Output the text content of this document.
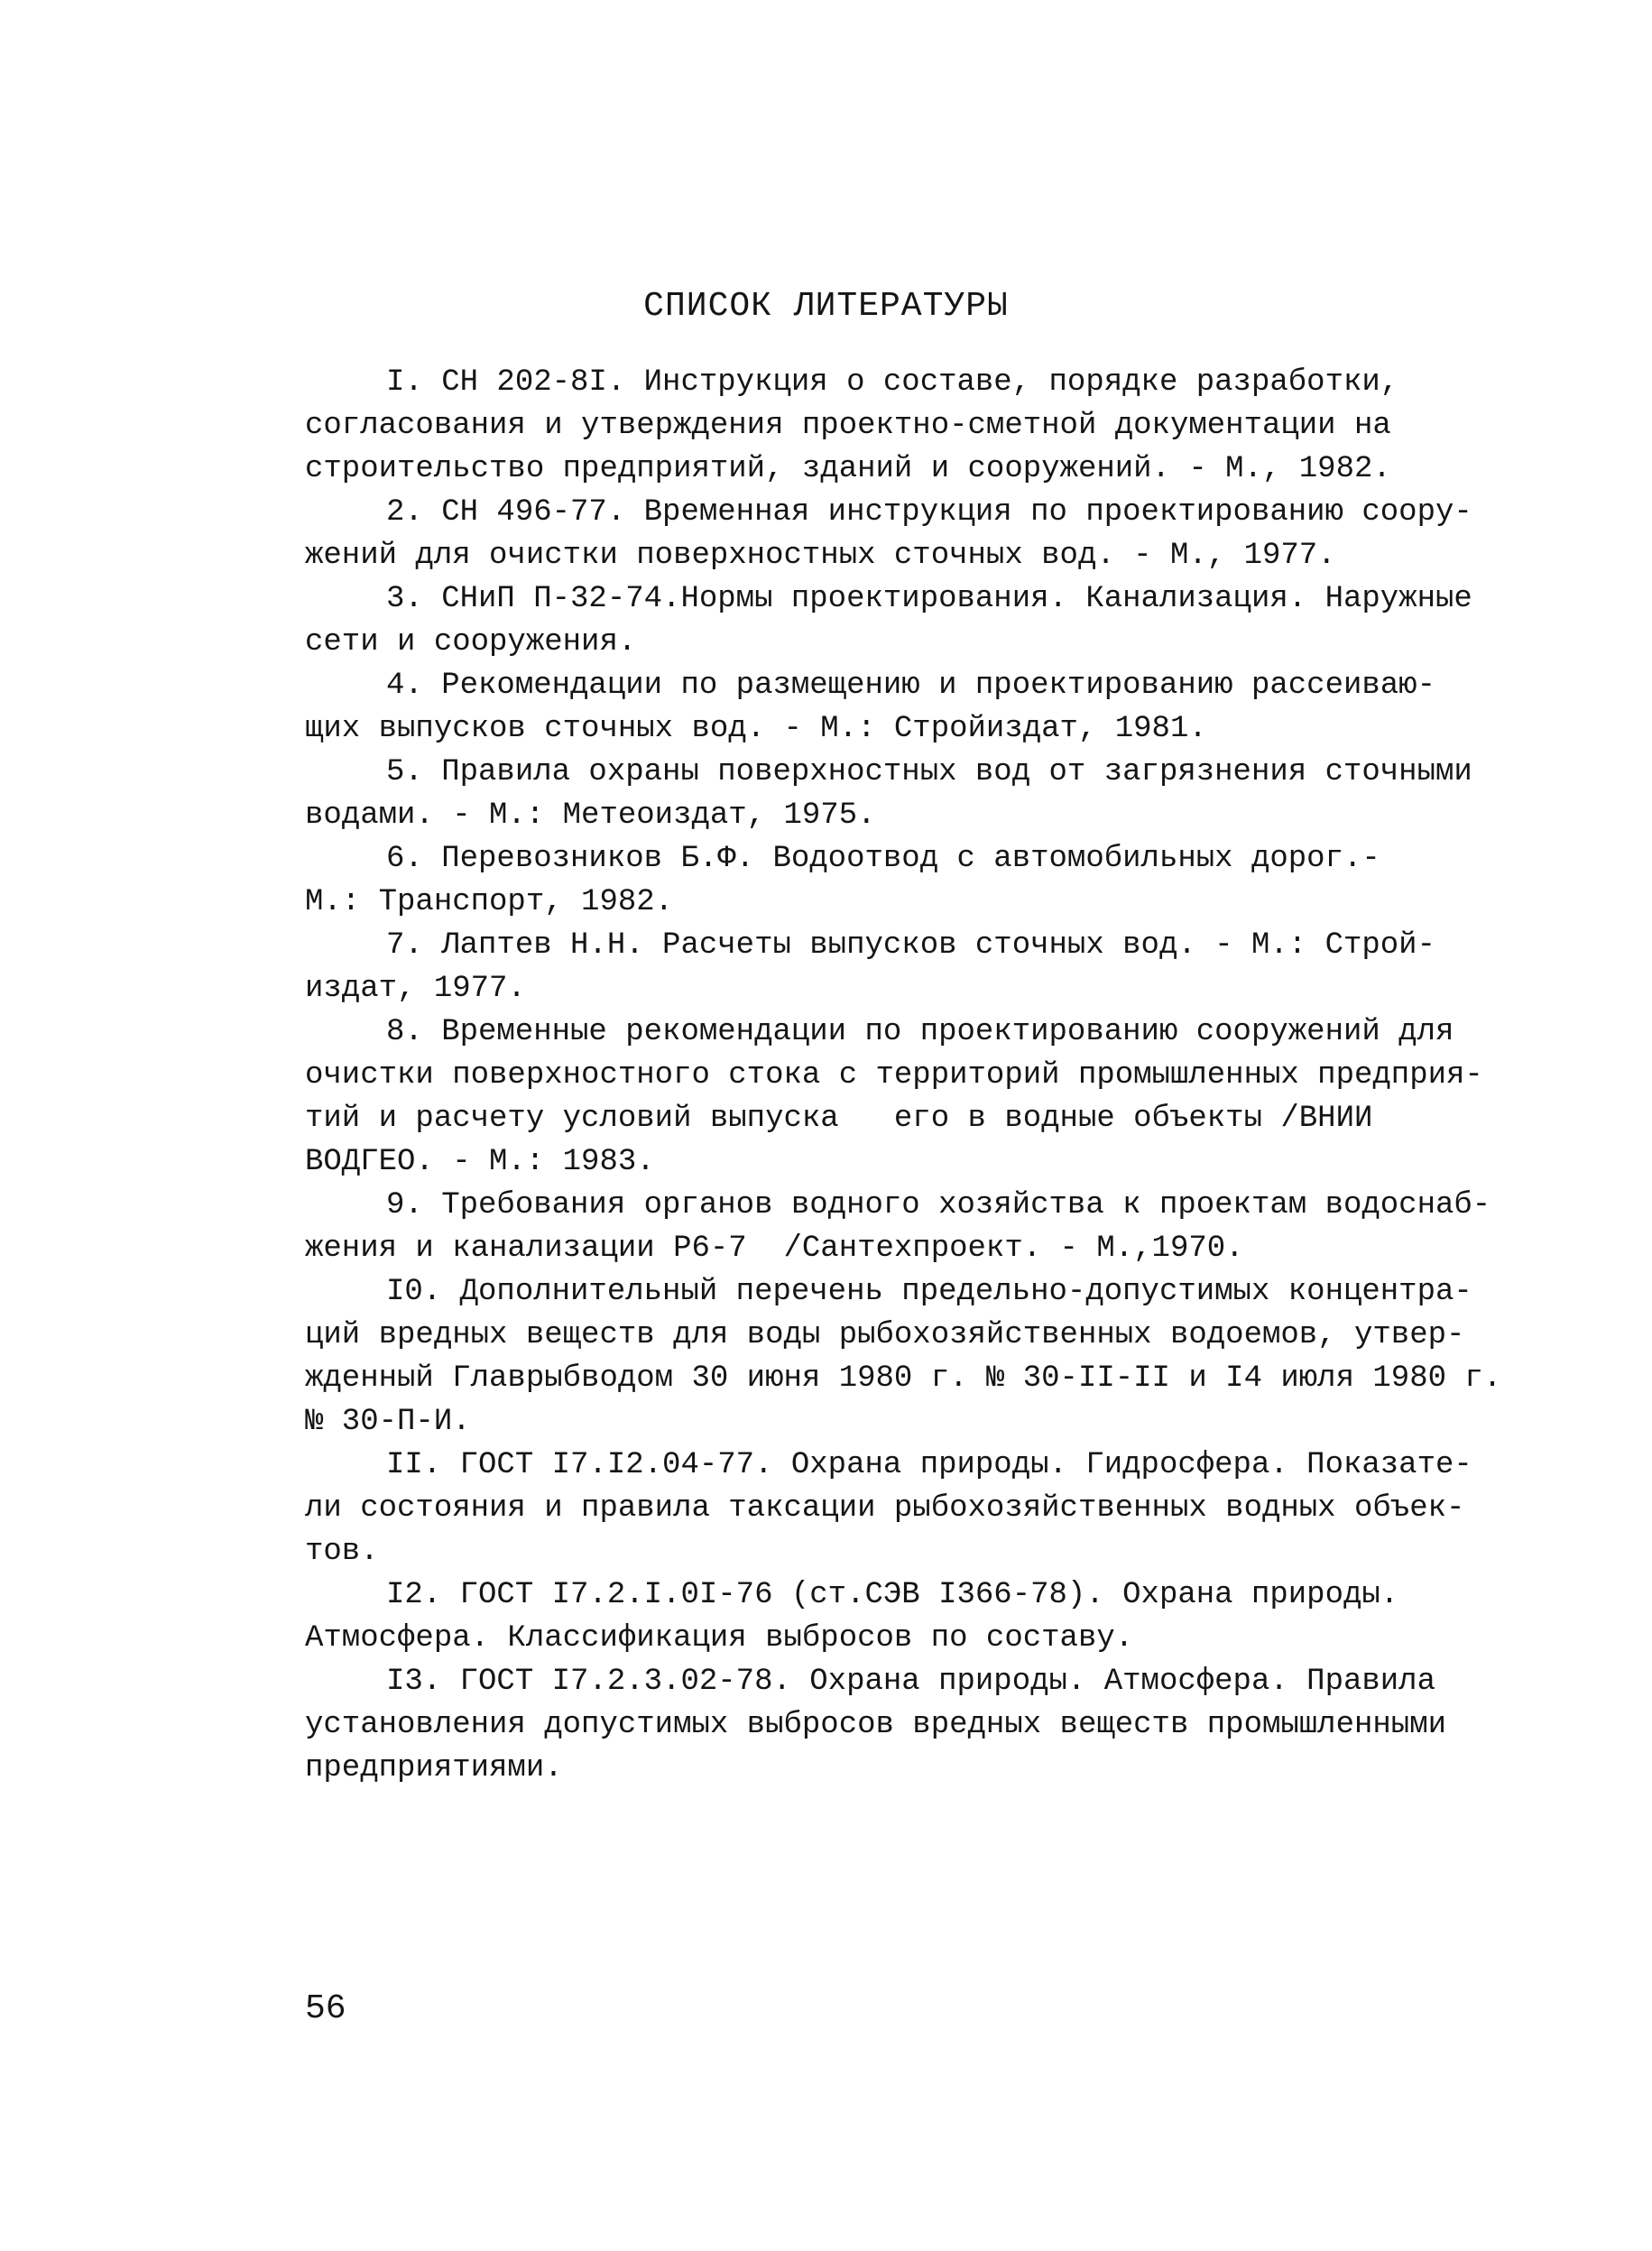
СПИСОК ЛИТЕРАТУРЫ
I. СН 202-8I. Инструкция о составе, порядке разработки,
согласования и утверждения проектно-сметной документации на
строительство предприятий, зданий и сооружений. - М., 1982.
2. СН 496-77. Временная инструкция по проектированию соору-
жений для очистки поверхностных сточных вод. - М., 1977.
3. СНиП П-32-74.Нормы проектирования. Канализация. Наружные
сети и сооружения.
4. Рекомендации по размещению и проектированию рассеиваю-
щих выпусков сточных вод. - М.: Стройиздат, 1981.
5. Правила охраны поверхностных вод от загрязнения сточными
водами. - М.: Метеоиздат, 1975.
6. Перевозников Б.Ф. Водоотвод с автомобильных дорог.-
М.: Транспорт, 1982.
7. Лаптев Н.Н. Расчеты выпусков сточных вод. - М.: Строй-
издат, 1977.
8. Временные рекомендации по проектированию сооружений для
очистки поверхностного стока с территорий промышленных предприя-
тий и расчету условий выпуска   его в водные объекты /ВНИИ
ВОДГЕО. - М.: 1983.
9. Требования органов водного хозяйства к проектам водоснаб-
жения и канализации Р6-7  /Сантехпроект. - М.,1970.
I0. Дополнительный перечень предельно-допустимых концентра-
ций вредных веществ для воды рыбохозяйственных водоемов, утвер-
жденный Главрыбводом 30 июня 1980 г. № 30-II-II и I4 июля 1980 г.
№ 30-П-И.
II. ГОСТ I7.I2.04-77. Охрана природы. Гидросфера. Показате-
ли состояния и правила таксации рыбохозяйственных водных объек-
тов.
I2. ГОСТ I7.2.I.0I-76 (ст.СЭВ I366-78). Охрана природы.
Атмосфера. Классификация выбросов по составу.
I3. ГОСТ I7.2.3.02-78. Охрана природы. Атмосфера. Правила
установления допустимых выбросов вредных веществ промышленными
предприятиями.

56
